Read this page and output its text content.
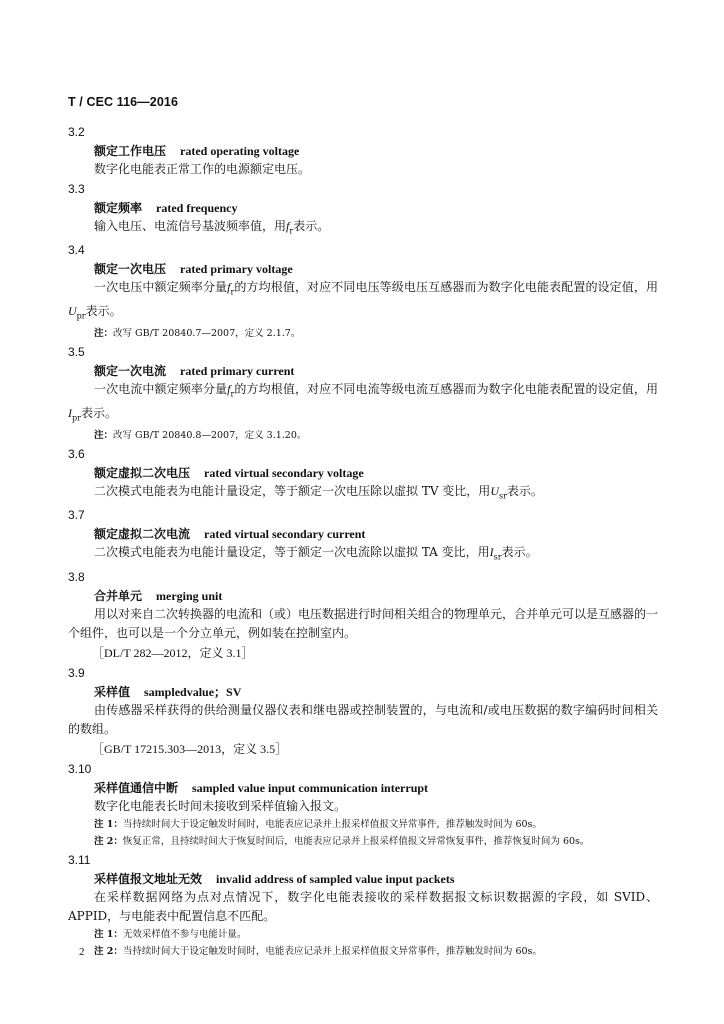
T / CEC 116—2016
3.2
额定工作电压 rated operating voltage
数字化电能表正常工作的电源额定电压。
3.3
额定频率 rated frequency
输入电压、电流信号基波频率值，用$f_r$表示。
3.4
额定一次电压 rated primary voltage
一次电压中额定频率分量$f_r$的方均根值，对应不同电压等级电压互感器而为数字化电能表配置的设定值，用$U_{pr}$表示。
注：改写 GB/T 20840.7—2007，定义 2.1.7。
3.5
额定一次电流 rated primary current
一次电流中额定频率分量$f_r$的方均根值，对应不同电流等级电流互感器而为数字化电能表配置的设定值，用$I_{pr}$表示。
注：改写 GB/T 20840.8—2007，定义 3.1.20。
3.6
额定虚拟二次电压 rated virtual secondary voltage
二次模式电能表为电能计量设定，等于额定一次电压除以虚拟 TV 变比，用$U_{sr}$表示。
3.7
额定虚拟二次电流 rated virtual secondary current
二次模式电能表为电能计量设定，等于额定一次电流除以虚拟 TA 变比，用$I_{sr}$表示。
3.8
合并单元 merging unit
用以对来自二次转换器的电流和（或）电压数据进行时间相关组合的物理单元，合并单元可以是互感器的一个组件，也可以是一个分立单元，例如装在控制室内。
［DL/T 282—2012，定义 3.1］
3.9
采样值 sampledvalue；SV
由传感器采样获得的供给测量仪器仪表和继电器或控制装置的，与电流和/或电压数据的数字编码时间相关的数组。
［GB/T 17215.303—2013，定义 3.5］
3.10
采样值通信中断 sampled value input communication interrupt
数字化电能表长时间未接收到采样值输入报文。
注 1：当持续时间大于设定触发时间时，电能表应记录并上报采样值报文异常事件，推荐触发时间为 60s。
注 2：恢复正常，且持续时间大于恢复时间后，电能表应记录并上报采样值报文异常恢复事件，推荐恢复时间为 60s。
3.11
采样值报文地址无效 invalid address of sampled value input packets
在采样数据网络为点对点情况下，数字化电能表接收的采样数据报文标识数据源的字段，如 SVID、APPID，与电能表中配置信息不匹配。
注 1：无效采样值不参与电能计量。
注 2：当持续时间大于设定触发时间时，电能表应记录并上报采样值报文异常事件，推荐触发时间为 60s。
2
